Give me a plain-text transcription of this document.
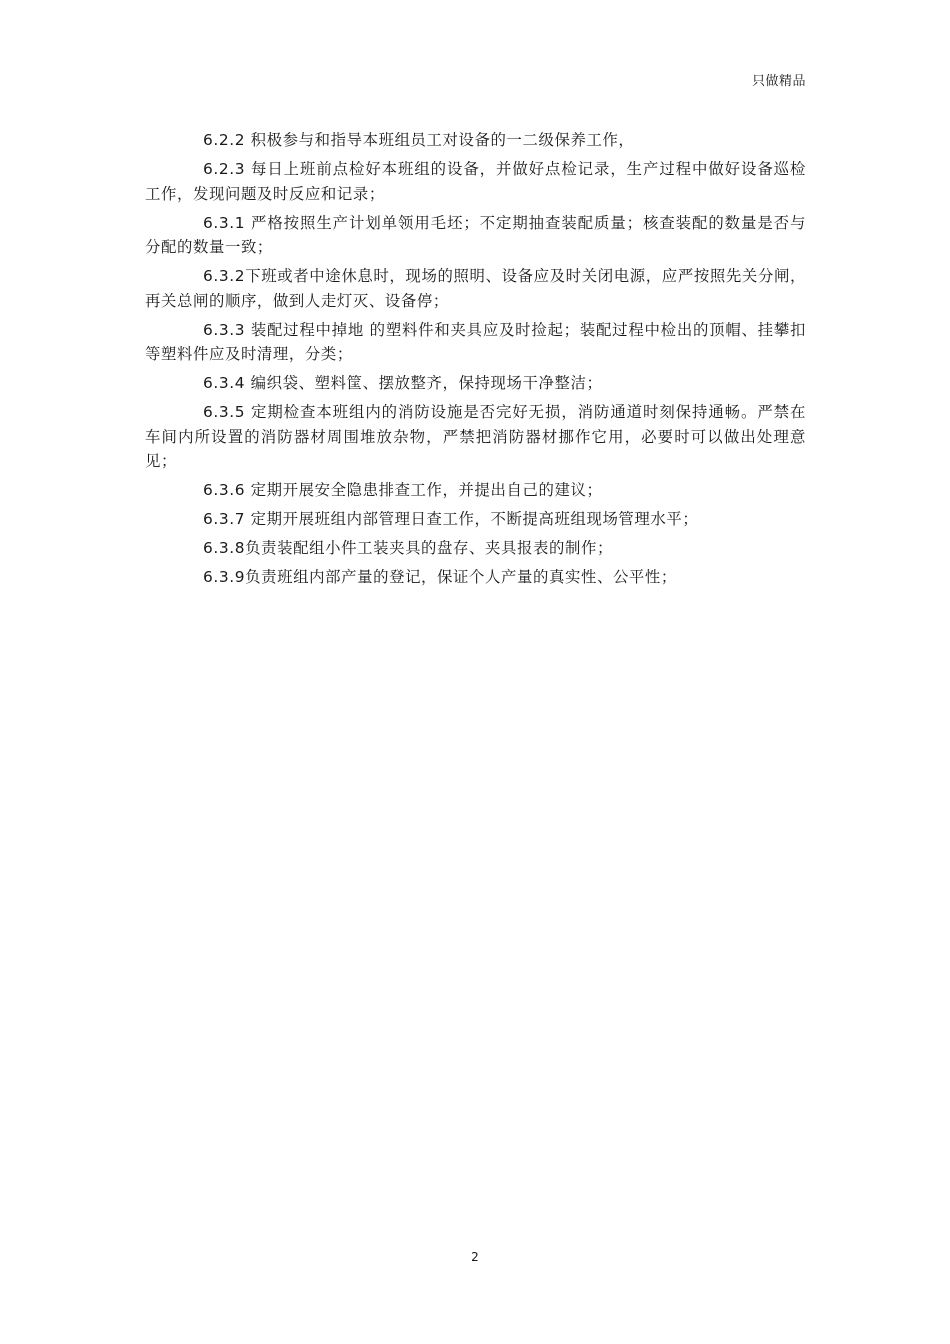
只做精品

6.2.2 积极参与和指导本班组员工对设备的一二级保养工作，

6.2.3 每日上班前点检好本班组的设备，并做好点检记录，生产过程中做好设备巡检工作，发现问题及时反应和记录；

6.3.1 严格按照生产计划单领用毛坯；不定期抽查装配质量；核查装配的数量是否与分配的数量一致；

6.3.2下班或者中途休息时，现场的照明、设备应及时关闭电源，应严按照先关分闸，再关总闸的顺序，做到人走灯灭、设备停；

6.3.3 装配过程中掉地 的塑料件和夹具应及时捡起；装配过程中检出的顶帽、挂攀扣等塑料件应及时清理，分类；

6.3.4 编织袋、塑料筐、摆放整齐，保持现场干净整洁；

6.3.5 定期检查本班组内的消防设施是否完好无损，消防通道时刻保持通畅。严禁在车间内所设置的消防器材周围堆放杂物，严禁把消防器材挪作它用，必要时可以做出处理意见；

6.3.6 定期开展安全隐患排查工作，并提出自己的建议；

6.3.7 定期开展班组内部管理日查工作，不断提高班组现场管理水平；

6.3.8负责装配组小件工装夹具的盘存、夹具报表的制作；

6.3.9负责班组内部产量的登记，保证个人产量的真实性、公平性；

2
